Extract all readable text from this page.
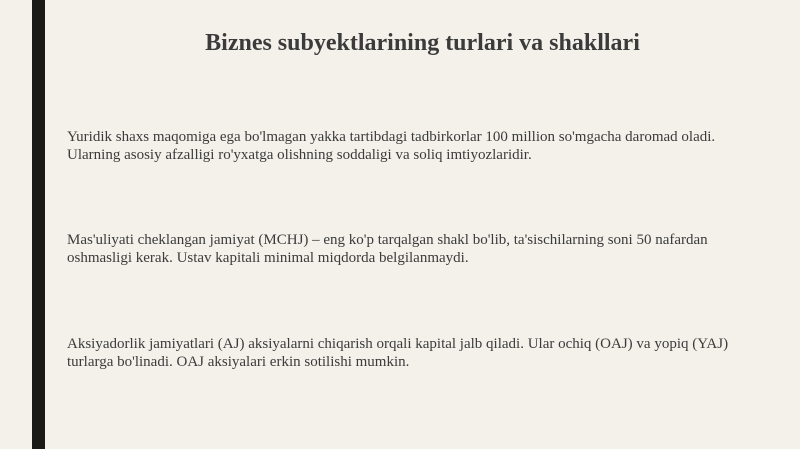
Biznes subyektlarining turlari va shakllari

Yuridik shaxs maqomiga ega bo'lmagan yakka tartibdagi tadbirkorlar 100 million so'mgacha daromad oladi. Ularning asosiy afzalligi ro'yxatga olishning soddaligi va soliq imtiyozlaridir.

Mas'uliyati cheklangan jamiyat (MCHJ) – eng ko'p tarqalgan shakl bo'lib, ta'sischilarning soni 50 nafardan oshmasligi kerak. Ustav kapitali minimal miqdorda belgilanmaydi.

Aksiyadorlik jamiyatlari (AJ) aksiyalarni chiqarish orqali kapital jalb qiladi. Ular ochiq (OAJ) va yopiq (YAJ) turlarga bo'linadi. OAJ aksiyalari erkin sotilishi mumkin.
